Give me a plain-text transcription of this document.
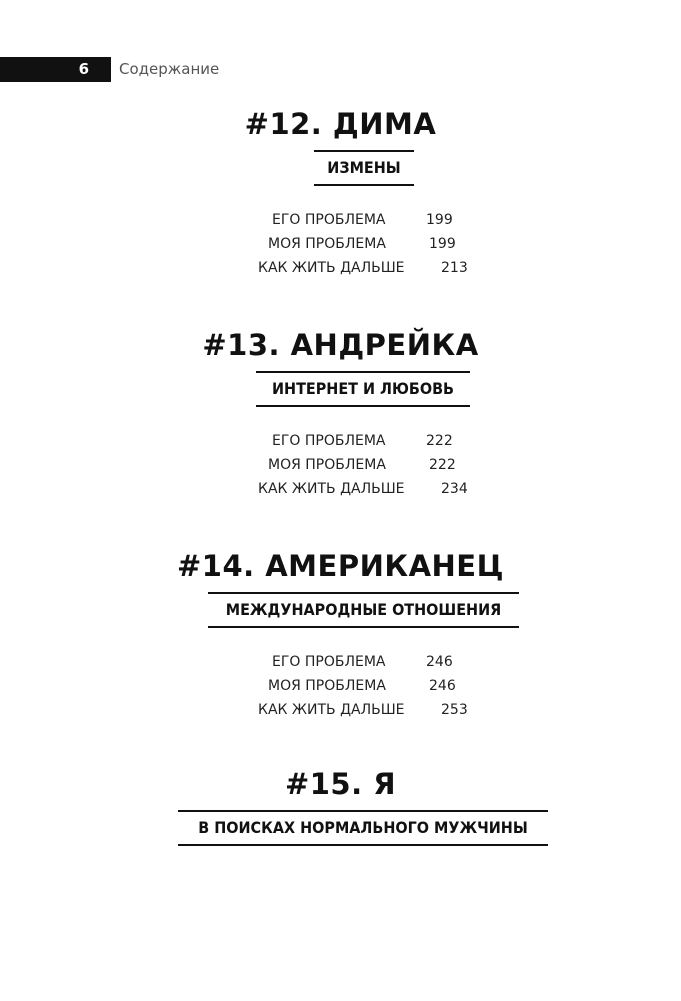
6 Содержание
#12. ДИМА
ИЗМЕНЫ
ЕГО ПРОБЛЕМА	199
МОЯ ПРОБЛЕМА	199
КАК ЖИТЬ ДАЛЬШЕ	213
#13. АНДРЕЙКА
ИНТЕРНЕТ И ЛЮБОВЬ
ЕГО ПРОБЛЕМА	222
МОЯ ПРОБЛЕМА	222
КАК ЖИТЬ ДАЛЬШЕ	234
#14. АМЕРИКАНЕЦ
МЕЖДУНАРОДНЫЕ ОТНОШЕНИЯ
ЕГО ПРОБЛЕМА	246
МОЯ ПРОБЛЕМА	246
КАК ЖИТЬ ДАЛЬШЕ	253
#15. Я
В ПОИСКАХ НОРМАЛЬНОГО МУЖЧИНЫ
